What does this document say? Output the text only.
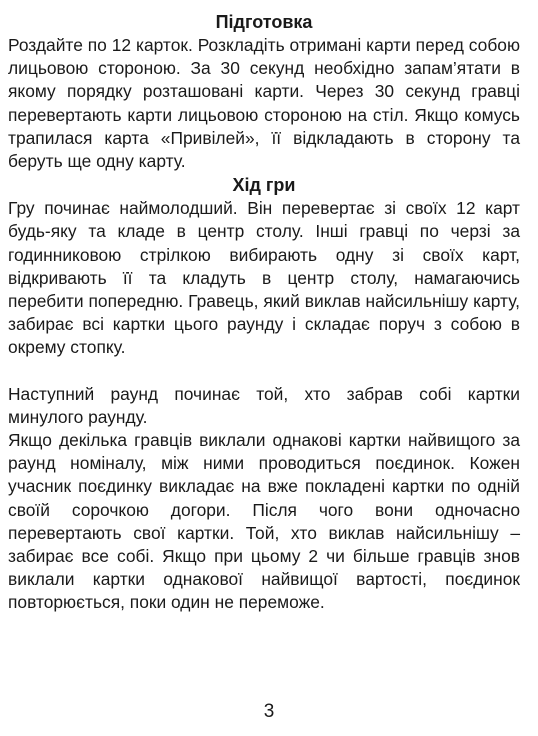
Підготовка

Роздайте по 12 карток. Розкладіть отримані карти перед собою лицьовою стороною. За 30 секунд необхідно запам’ятати в якому порядку розташовані карти. Через 30 секунд гравці перевертають карти лицьовою стороною на стіл. Якщо комусь трапилася карта «Привілей», її відкладають в сторону та беруть ще одну карту.

Хід гри

Гру починає наймолодший. Він перевертає зі своїх 12 карт будь-яку та кладе в центр столу. Інші гравці по черзі за годинниковою стрілкою вибирають одну зі своїх карт, відкривають її та кладуть в центр столу, намагаючись перебити попередню. Гравець, який виклав найсильнішу карту, забирає всі картки цього раунду і складає поруч з собою в окрему стопку.

Наступний раунд починає той, хто забрав собі картки минулого раунду.

Якщо декілька гравців виклали однакові картки найвищого за раунд номіналу, між ними проводиться поєдинок. Кожен учасник поєдинку викладає на вже покладені картки по одній своїй сорочкою догори. Після чого вони одночасно перевертають свої картки. Той, хто виклав найсильнішу – забирає все собі. Якщо при цьому 2 чи більше гравців знов виклали картки однакової найвищої вартості, поєдинок повторюється, поки один не переможе.

3
